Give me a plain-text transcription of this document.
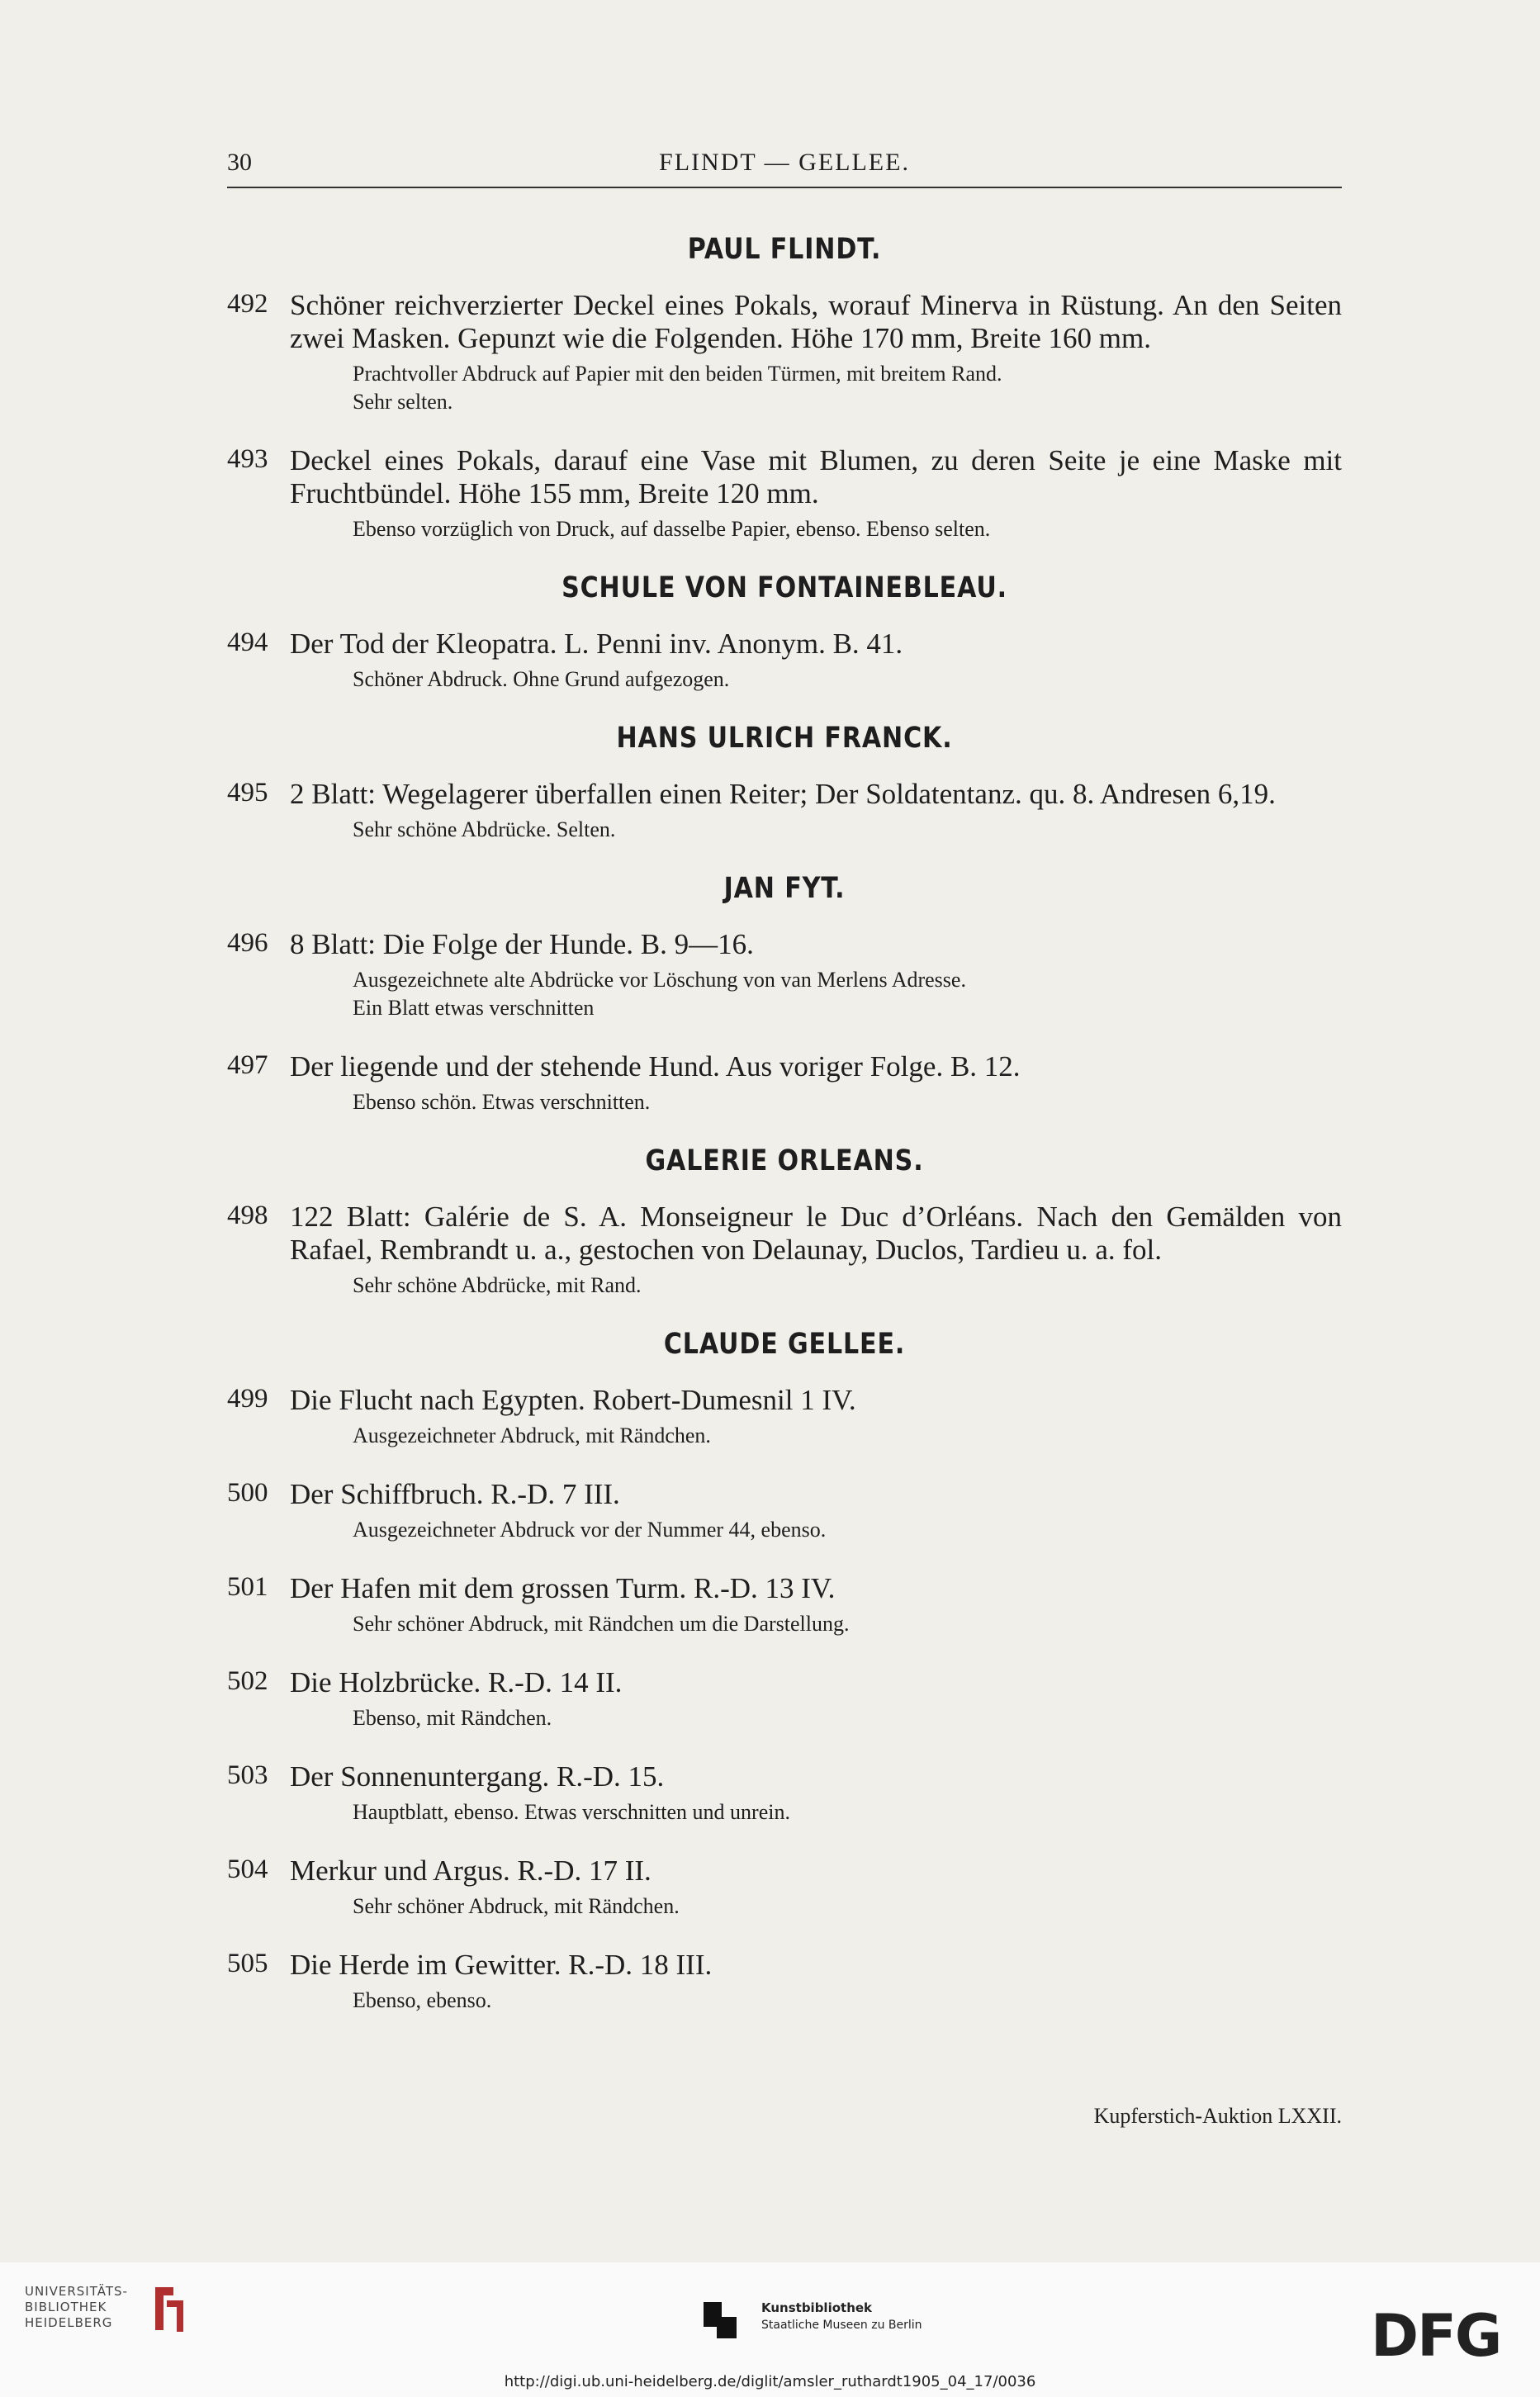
30	FLINDT — GELLEE.
PAUL FLINDT.
492 Schöner reichverzierter Deckel eines Pokals, worauf Minerva in Rüstung. An den Seiten zwei Masken. Gepunzt wie die Folgenden. Höhe 170 mm, Breite 160 mm.
Prachtvoller Abdruck auf Papier mit den beiden Türmen, mit breitem Rand.
Sehr selten.
493 Deckel eines Pokals, darauf eine Vase mit Blumen, zu deren Seite je eine Maske mit Fruchtbündel. Höhe 155 mm, Breite 120 mm.
Ebenso vorzüglich von Druck, auf dasselbe Papier, ebenso. Ebenso selten.
SCHULE VON FONTAINEBLEAU.
494 Der Tod der Kleopatra. L. Penni inv. Anonym. B. 41.
Schöner Abdruck. Ohne Grund aufgezogen.
HANS ULRICH FRANCK.
495 2 Blatt: Wegelagerer überfallen einen Reiter; Der Soldatentanz. qu. 8. Andresen 6,19.
Sehr schöne Abdrücke. Selten.
JAN FYT.
496 8 Blatt: Die Folge der Hunde. B. 9—16.
Ausgezeichnete alte Abdrücke vor Löschung von van Merlens Adresse.
Ein Blatt etwas verschnitten
497 Der liegende und der stehende Hund. Aus voriger Folge. B. 12.
Ebenso schön. Etwas verschnitten.
GALERIE ORLEANS.
498 122 Blatt: Galérie de S. A. Monseigneur le Duc d’Orléans. Nach den Gemälden von Rafael, Rembrandt u. a., gestochen von Delaunay, Duclos, Tardieu u. a. fol.
Sehr schöne Abdrücke, mit Rand.
CLAUDE GELLEE.
499 Die Flucht nach Egypten. Robert-Dumesnil 1 IV.
Ausgezeichneter Abdruck, mit Rändchen.
500 Der Schiffbruch. R.-D. 7 III.
Ausgezeichneter Abdruck vor der Nummer 44, ebenso.
501 Der Hafen mit dem grossen Turm. R.-D. 13 IV.
Sehr schöner Abdruck, mit Rändchen um die Darstellung.
502 Die Holzbrücke. R.-D. 14 II.
Ebenso, mit Rändchen.
503 Der Sonnenuntergang. R.-D. 15.
Hauptblatt, ebenso. Etwas verschnitten und unrein.
504 Merkur und Argus. R.-D. 17 II.
Sehr schöner Abdruck, mit Rändchen.
505 Die Herde im Gewitter. R.-D. 18 III.
Ebenso, ebenso.
Kupferstich-Auktion LXXII.
UNIVERSITÄTS-
BIBLIOTHEK
HEIDELBERG
Kunstbibliothek
Staatliche Museen zu Berlin	DFG
http://digi.ub.uni-heidelberg.de/diglit/amsler_ruthardt1905_04_17/0036
